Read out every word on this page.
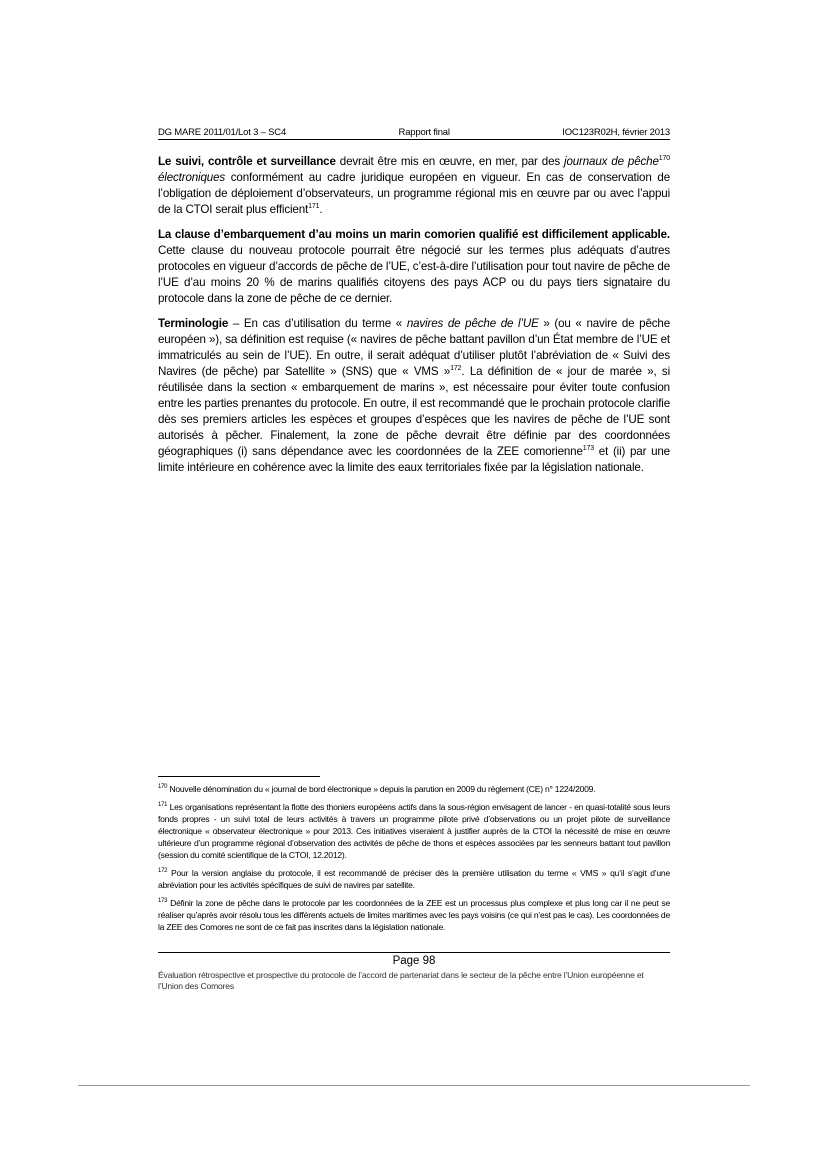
DG MARE 2011/01/Lot 3 – SC4	Rapport final	IOC123R02H, février 2013

Le suivi, contrôle et surveillance devrait être mis en œuvre, en mer, par des journaux de pêche$^{170}$ électroniques conformément au cadre juridique européen en vigueur. En cas de conservation de l’obligation de déploiement d’observateurs, un programme régional mis en œuvre par ou avec l’appui de la CTOI serait plus efficient$^{171}$.

La clause d’embarquement d’au moins un marin comorien qualifié est difficilement applicable. Cette clause du nouveau protocole pourrait être négocié sur les termes plus adéquats d’autres protocoles en vigueur d’accords de pêche de l’UE, c’est-à-dire l’utilisation pour tout navire de pêche de l’UE d’au moins 20 % de marins qualifiés citoyens des pays ACP ou du pays tiers signataire du protocole dans la zone de pêche de ce dernier.

Terminologie – En cas d’utilisation du terme « navires de pêche de l’UE » (ou « navire de pêche européen »), sa définition est requise (« navires de pêche battant pavillon d’un État membre de l’UE et immatriculés au sein de l’UE). En outre, il serait adéquat d’utiliser plutôt l’abréviation de « Suivi des Navires (de pêche) par Satellite » (SNS) que « VMS »$^{172}$. La définition de « jour de marée », si réutilisée dans la section « embarquement de marins », est nécessaire pour éviter toute confusion entre les parties prenantes du protocole. En outre, il est recommandé que le prochain protocole clarifie dès ses premiers articles les espèces et groupes d’espèces que les navires de pêche de l’UE sont autorisés à pêcher. Finalement, la zone de pêche devrait être définie par des coordonnées géographiques (i) sans dépendance avec les coordonnées de la ZEE comorienne$^{173}$ et (ii) par une limite intérieure en cohérence avec la limite des eaux territoriales fixée par la législation nationale.

$^{170}$ Nouvelle dénomination du « journal de bord électronique » depuis la parution en 2009 du règlement (CE) n° 1224/2009.

$^{171}$ Les organisations représentant la flotte des thoniers européens actifs dans la sous-région envisagent de lancer - en quasi-totalité sous leurs fonds propres - un suivi total de leurs activités à travers un programme pilote privé d’observations ou un projet pilote de surveillance électronique « observateur électronique » pour 2013. Ces initiatives viseraient à justifier auprès de la CTOI la nécessité de mise en œuvre ultérieure d’un programme régional d’observation des activités de pêche de thons et espèces associées par les senneurs battant tout pavillon (session du comité scientifique de la CTOI, 12.2012).

$^{172}$ Pour la version anglaise du protocole, il est recommandé de préciser dès la première utilisation du terme « VMS » qu’il s’agit d’une abréviation pour les activités spécifiques de suivi de navires par satellite.

$^{173}$ Définir la zone de pêche dans le protocole par les coordonnées de la ZEE est un processus plus complexe et plus long car il ne peut se réaliser qu’après avoir résolu tous les différents actuels de limites maritimes avec les pays voisins (ce qui n’est pas le cas). Les coordonnées de la ZEE des Comores ne sont de ce fait pas inscrites dans la législation nationale.

Page 98
Évaluation rétrospective et prospective du protocole de l’accord de partenariat dans le secteur de la pêche entre l’Union européenne et l’Union des Comores
